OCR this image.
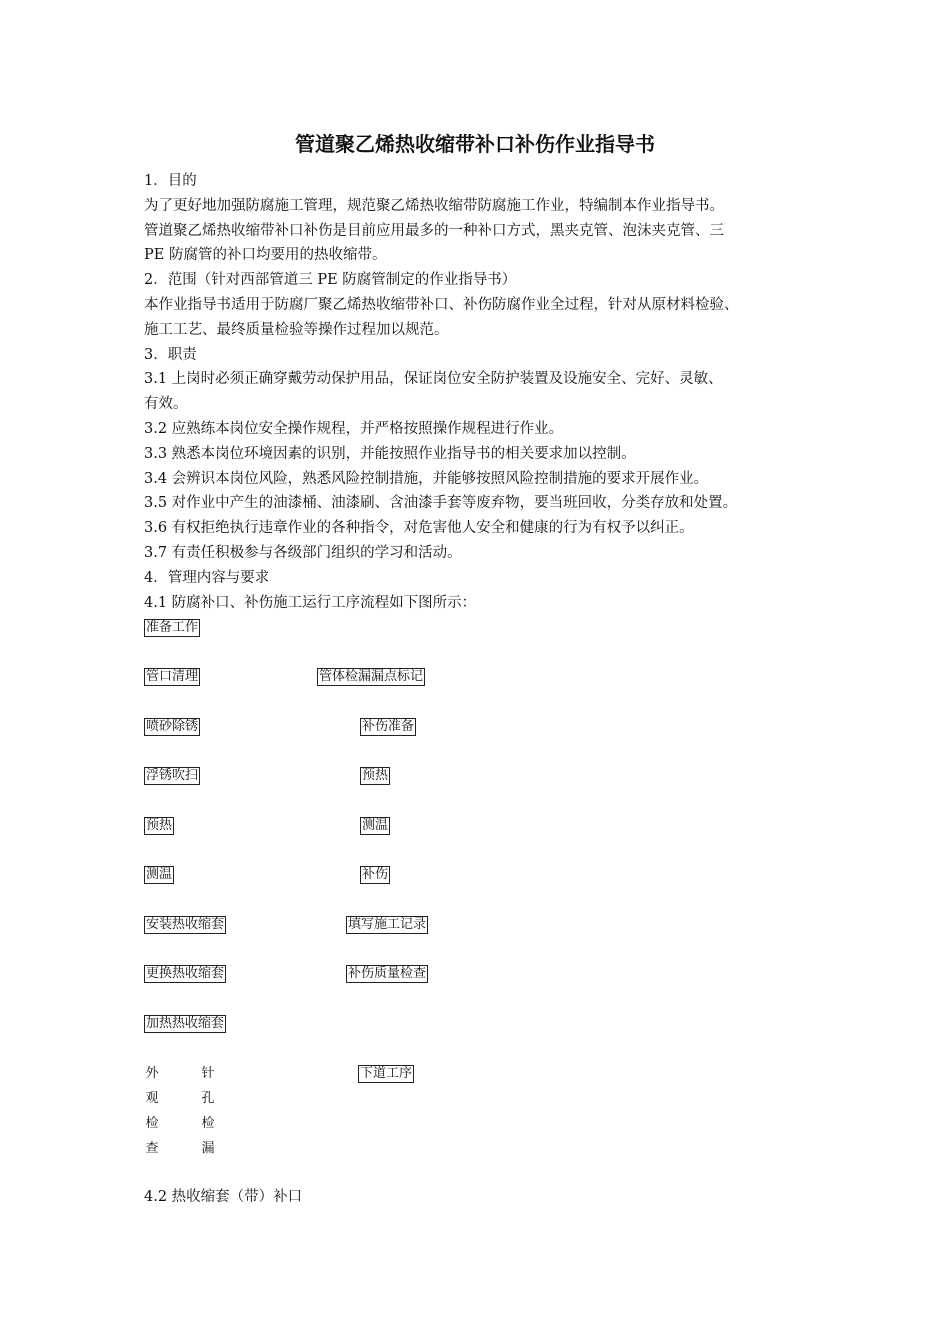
管道聚乙烯热收缩带补口补伤作业指导书
1．目的
为了更好地加强防腐施工管理，规范聚乙烯热收缩带防腐施工作业，特编制本作业指导书。
管道聚乙烯热收缩带补口补伤是目前应用最多的一种补口方式，黑夹克管、泡沫夹克管、三
PE 防腐管的补口均要用的热收缩带。
2．范围（针对西部管道三 PE 防腐管制定的作业指导书）
本作业指导书适用于防腐厂聚乙烯热收缩带补口、补伤防腐作业全过程，针对从原材料检验、
施工工艺、最终质量检验等操作过程加以规范。
3．职责
3.1 上岗时必须正确穿戴劳动保护用品，保证岗位安全防护装置及设施安全、完好、灵敏、
有效。
3.2 应熟练本岗位安全操作规程，并严格按照操作规程进行作业。
3.3 熟悉本岗位环境因素的识别，并能按照作业指导书的相关要求加以控制。
3.4 会辨识本岗位风险，熟悉风险控制措施，并能够按照风险控制措施的要求开展作业。
3.5 对作业中产生的油漆桶、油漆刷、含油漆手套等废弃物，要当班回收，分类存放和处置。
3.6 有权拒绝执行违章作业的各种指令，对危害他人安全和健康的行为有权予以纠正。
3.7 有责任积极参与各级部门组织的学习和活动。
4．管理内容与要求
4.1 防腐补口、补伤施工运行工序流程如下图所示：
准备工作
管口清理
喷砂除锈
浮锈吹扫
预热
测温
安装热收缩套
更换热收缩套
加热热收缩套
管体检漏漏点标记
补伤准备
预热
测温
补伤
填写施工记录
补伤质量检查
下道工序
外
观
检
查
针
孔
检
漏
4.2 热收缩套（带）补口
